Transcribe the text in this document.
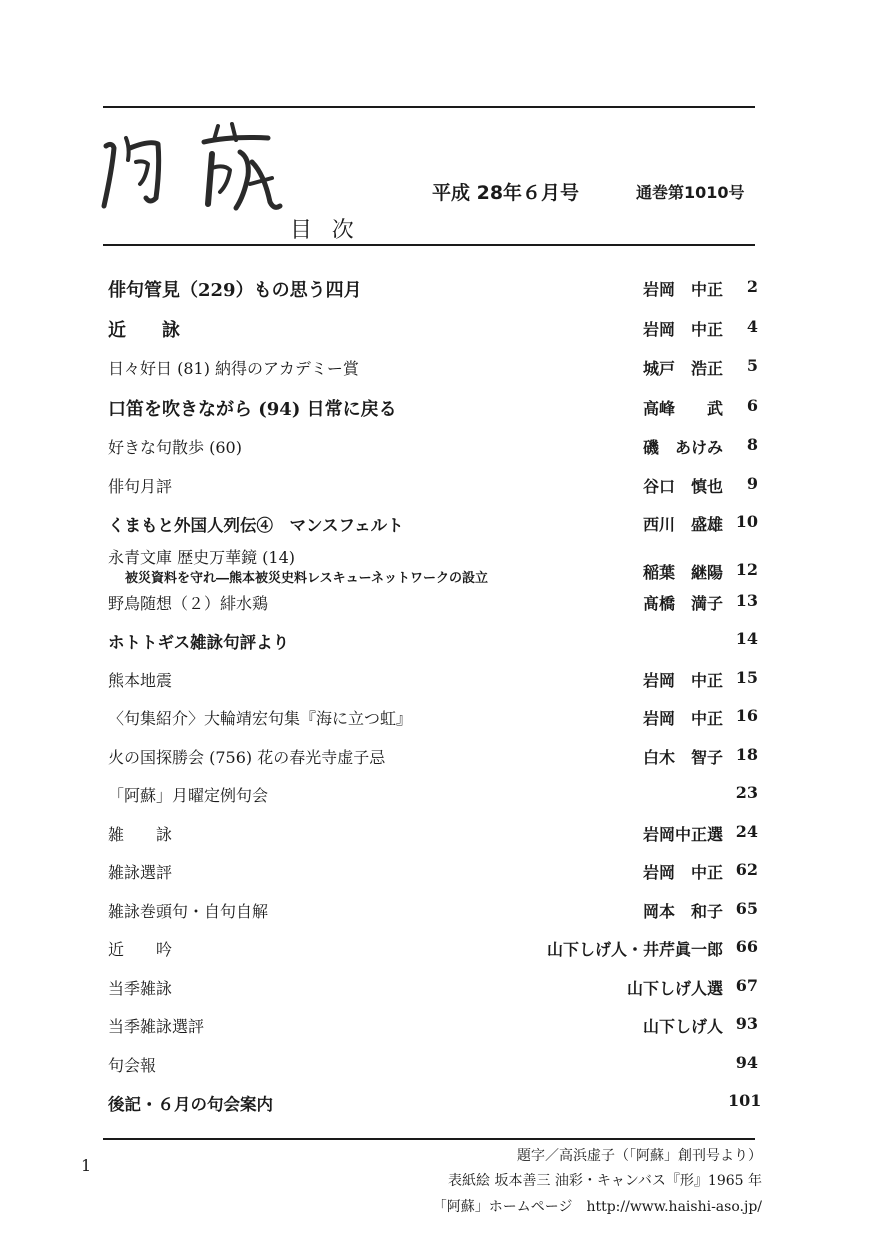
平成 28年６月号	通巻第1010号
目次
俳句管見（229）もの思う四月	岩岡　中正	2
近　　詠	岩岡　中正	4
日々好日 (81) 納得のアカデミー賞	城戸　浩正	5
口笛を吹きながら (94) 日常に戻る	高峰　　武	6
好きな句散歩 (60)	磯　あけみ	8
俳句月評	谷口　慎也	9
くまもと外国人列伝④　マンスフェルト	西川　盛雄 10
永青文庫 歴史万華鏡 (14)
被災資料を守れ―熊本被災史料レスキューネットワークの設立	稲葉　継陽 12
野鳥随想（２）緋水鶏	髙橋　満子 13
ホトトギス雑詠句評より	14
熊本地震	岩岡　中正 15
〈句集紹介〉大輪靖宏句集『海に立つ虹』	岩岡　中正 16
火の国探勝会 (756) 花の春光寺虚子忌	白木　智子 18
「阿蘇」月曜定例句会	23
雑　　詠	岩岡中正選 24
雑詠選評	岩岡　中正 62
雑詠巻頭句・自句自解	岡本　和子 65
近　　吟	山下しげ人・井芹眞一郎 66
当季雑詠	山下しげ人選 67
当季雑詠選評	山下しげ人 93
句会報	94
後記・６月の句会案内	101
1	題字／高浜虚子（「阿蘇」創刊号より）
表紙絵 坂本善三 油彩・キャンバス『形』1965 年
「阿蘇」ホームページ　http://www.haishi-aso.jp/
